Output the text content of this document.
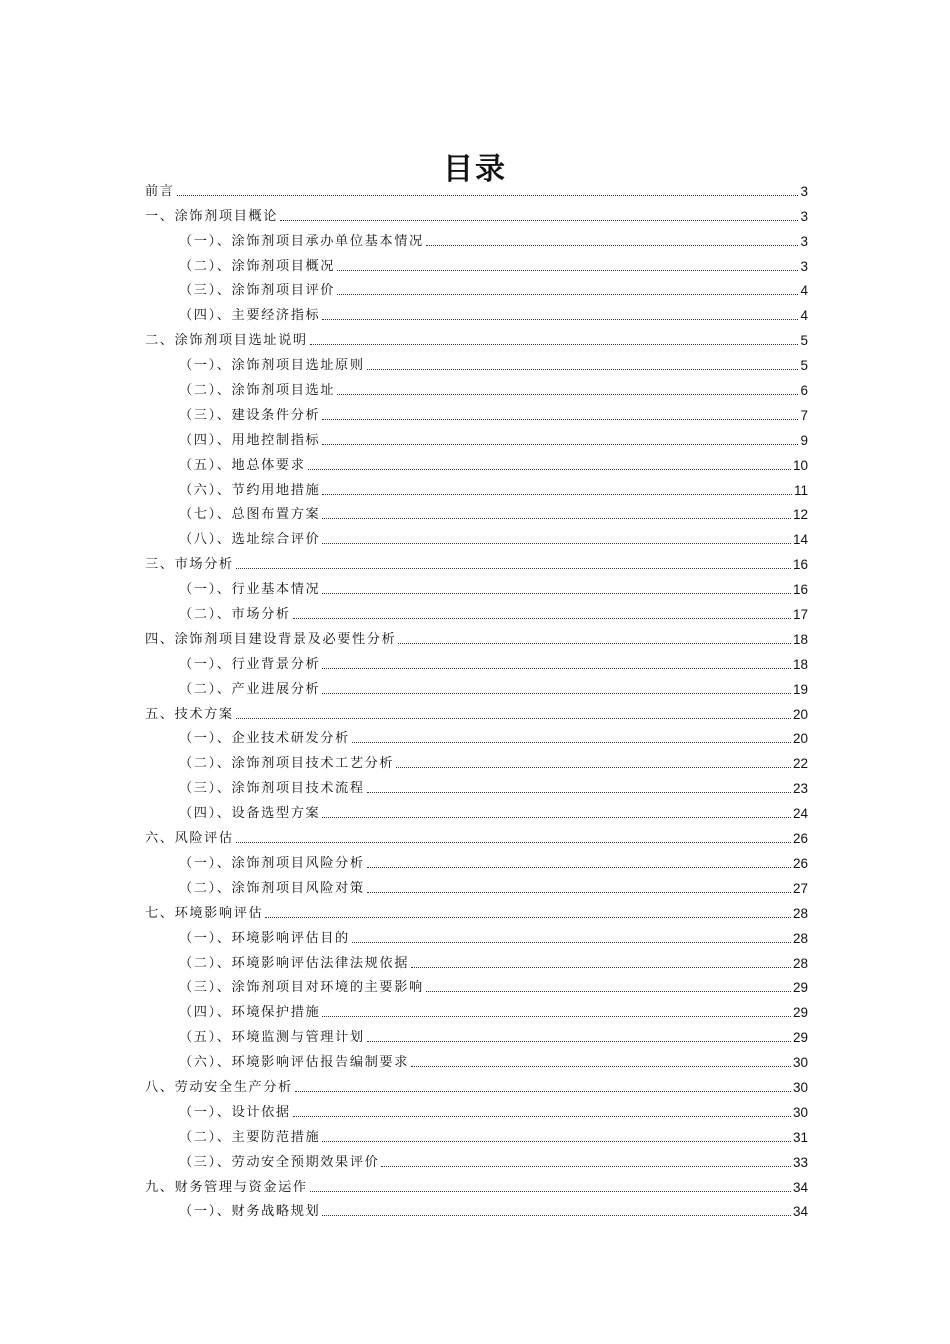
目录
前言	3
一、涂饰剂项目概论	3
（一）、涂饰剂项目承办单位基本情况	3
（二）、涂饰剂项目概况	3
（三）、涂饰剂项目评价	4
（四）、主要经济指标	4
二、涂饰剂项目选址说明	5
（一）、涂饰剂项目选址原则	5
（二）、涂饰剂项目选址	6
（三）、建设条件分析	7
（四）、用地控制指标	9
（五）、地总体要求	10
（六）、节约用地措施	11
（七）、总图布置方案	12
（八）、选址综合评价	14
三、市场分析	16
（一）、行业基本情况	16
（二）、市场分析	17
四、涂饰剂项目建设背景及必要性分析	18
（一）、行业背景分析	18
（二）、产业进展分析	19
五、技术方案	20
（一）、企业技术研发分析	20
（二）、涂饰剂项目技术工艺分析	22
（三）、涂饰剂项目技术流程	23
（四）、设备选型方案	24
六、风险评估	26
（一）、涂饰剂项目风险分析	26
（二）、涂饰剂项目风险对策	27
七、环境影响评估	28
（一）、环境影响评估目的	28
（二）、环境影响评估法律法规依据	28
（三）、涂饰剂项目对环境的主要影响	29
（四）、环境保护措施	29
（五）、环境监测与管理计划	29
（六）、环境影响评估报告编制要求	30
八、劳动安全生产分析	30
（一）、设计依据	30
（二）、主要防范措施	31
（三）、劳动安全预期效果评价	33
九、财务管理与资金运作	34
（一）、财务战略规划	34
